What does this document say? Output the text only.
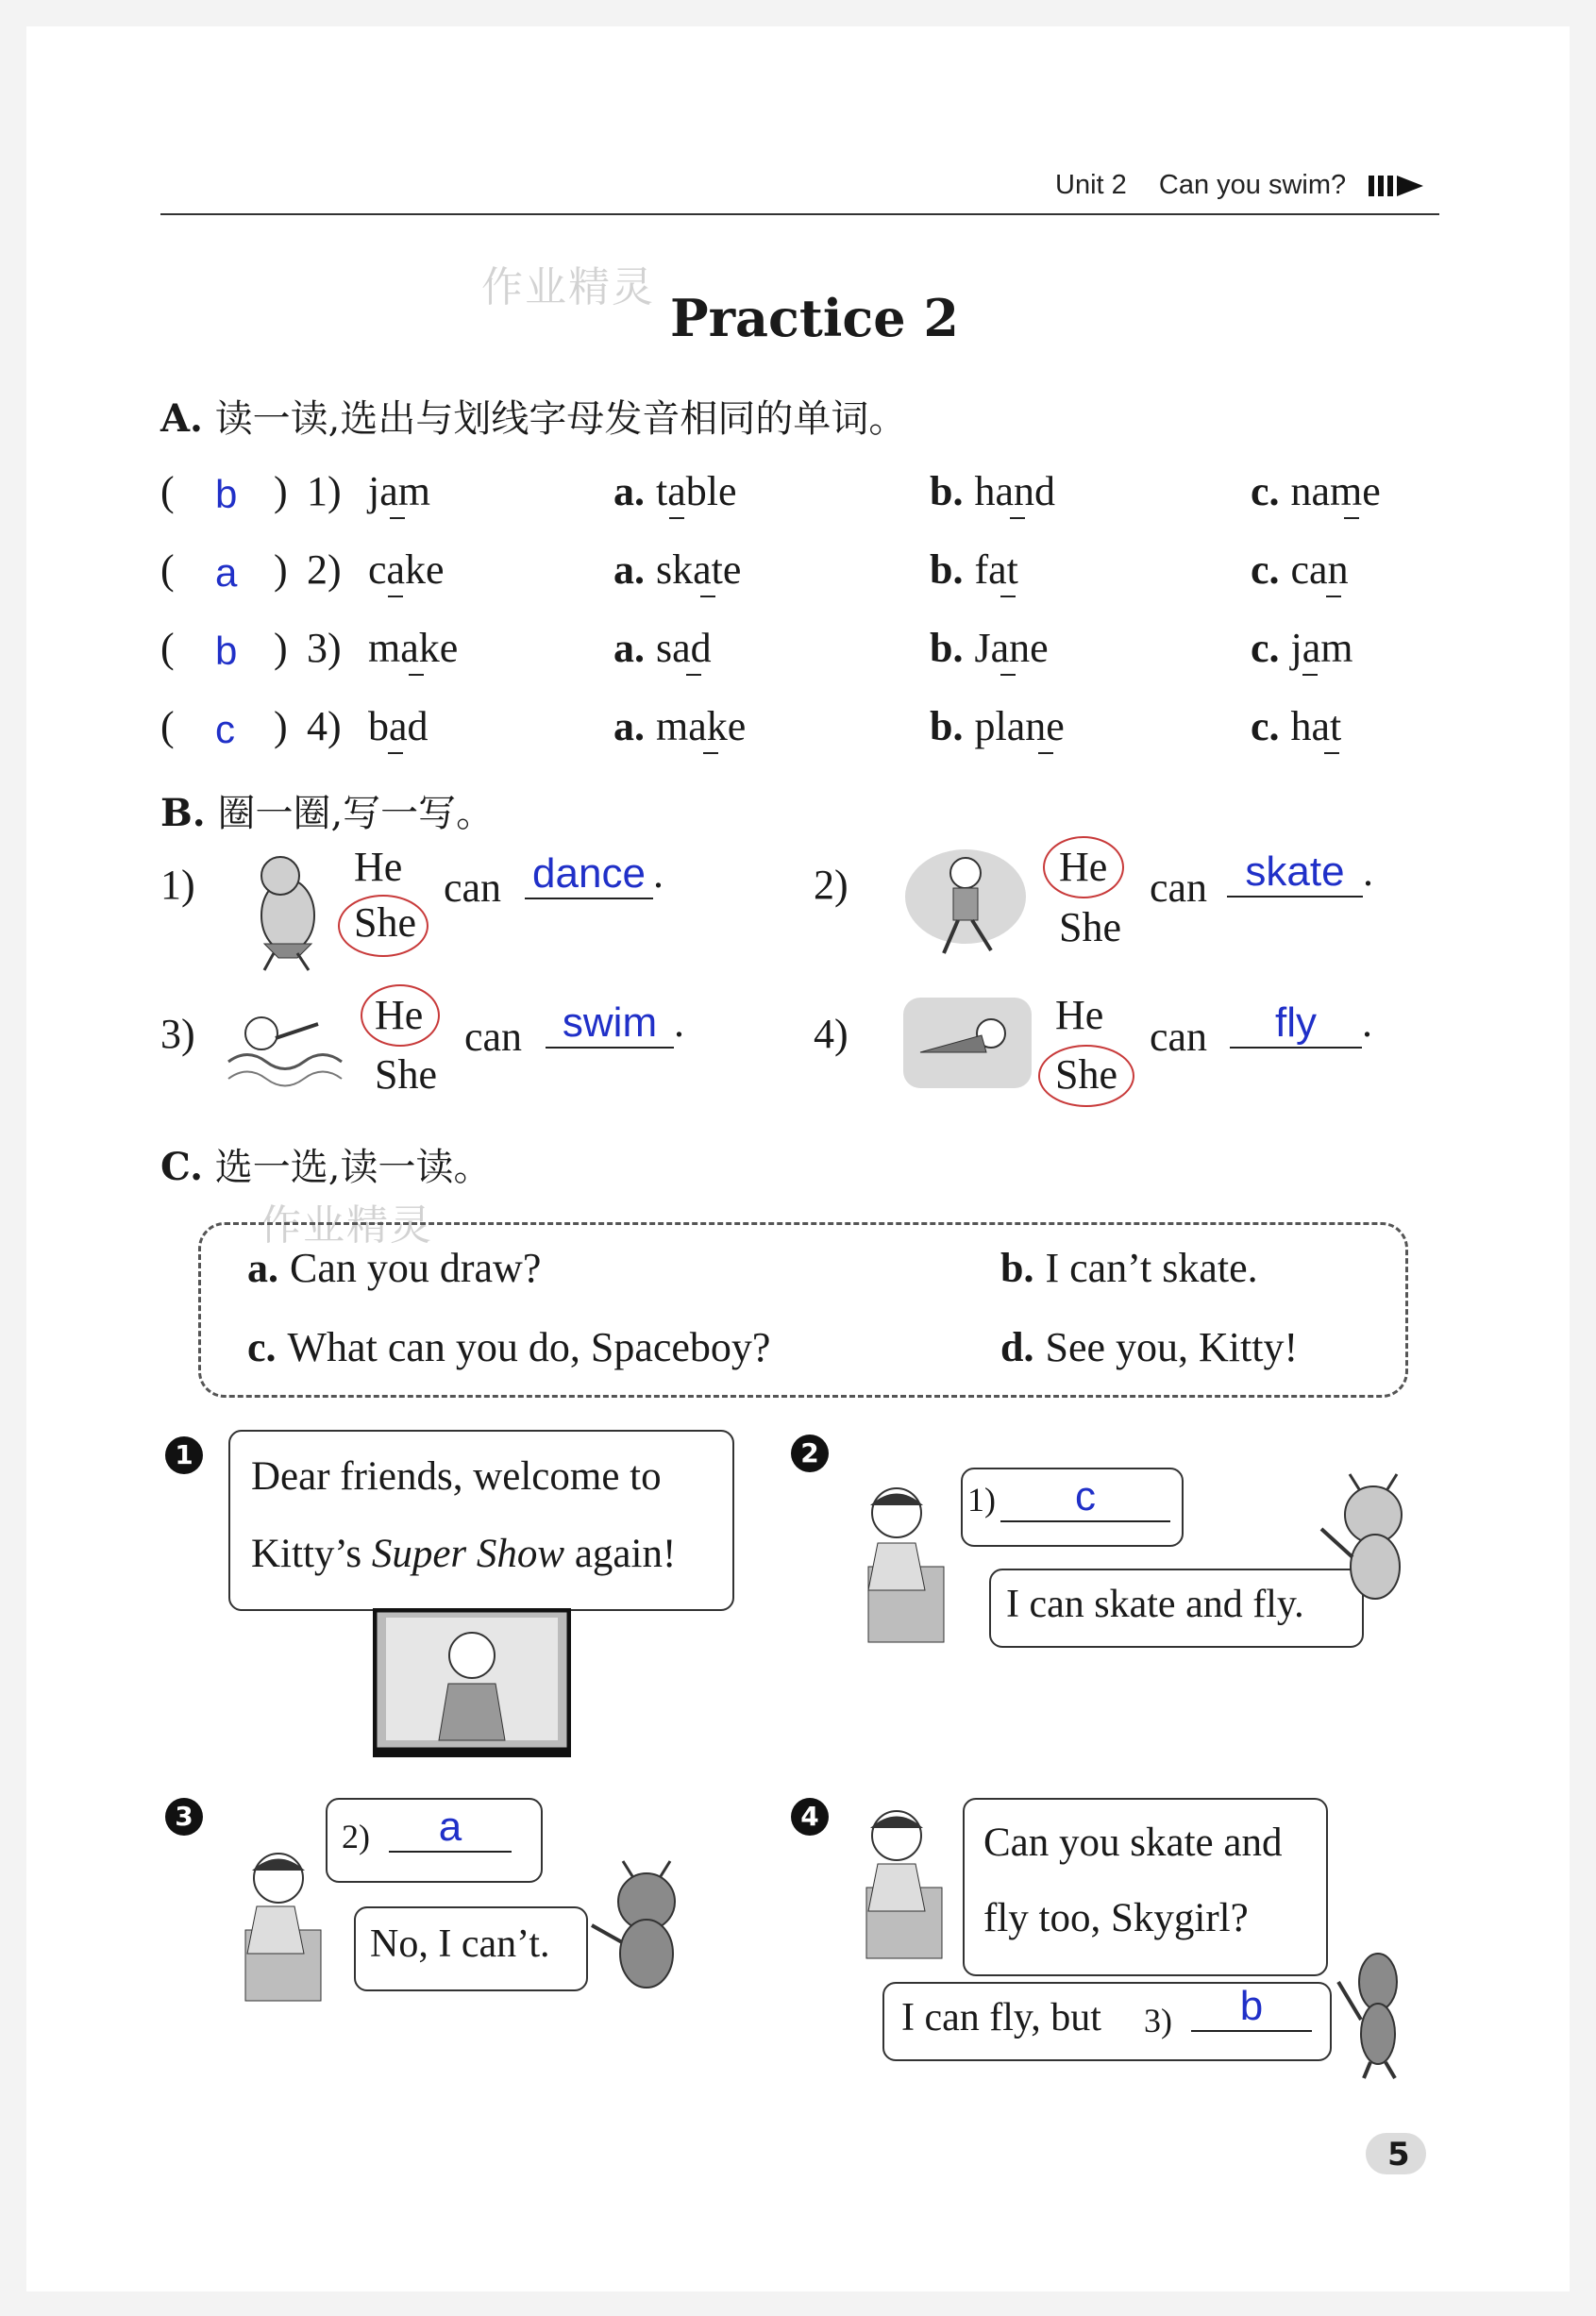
Unit 2 Can you swim?
作业精灵
Practice 2
A. 读一读,选出与划线字母发音相同的单词。
( b ) 1) jam	a. table	b. hand	c. name
( a ) 2) cake	a. skate	b. fat	c. can
( b ) 3) make	a. sad	b. Jane	c. jam
( c ) 4) bad	a. make	b. plane	c. hat
B. 圈一圈,写一写。
1)	He
She
can dance .	2)	He
She
can skate .
3)	He
She
can swim .	4)	He
She
can	fly .
C. 选一选,读一读。
作业精灵
a. Can you draw?	b. I can’t skate.
c. What can you do, Spaceboy?	d. See you, Kitty!
1 Dear friends, welcome to
Kitty’s Super Show again!
2
1)	c
I can skate and fly.
3
2)	a
No, I can’t.
4
Can you skate and
fly too, Skygirl?
I can fly, but 3)	b
5
